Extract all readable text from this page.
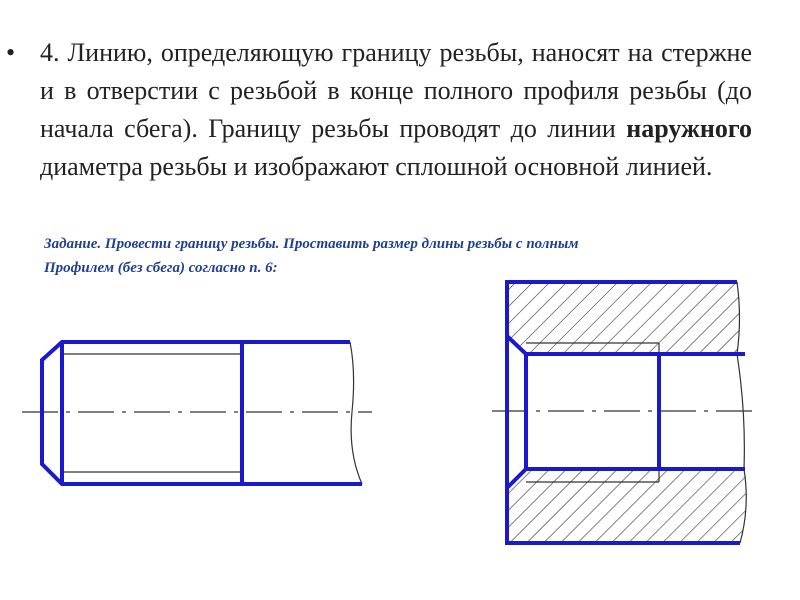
• 4. Линию, определяющую границу резьбы, наносят на стержне и в отверстии с резьбой в конце полного профиля резьбы (до начала сбега). Границу резьбы проводят до линии наружного диаметра резьбы и изображают сплошной основной линией.

Задание. Провести границу резьбы. Проставить размер длины резьбы с полным
Профилем (без сбега) согласно п. 6:
